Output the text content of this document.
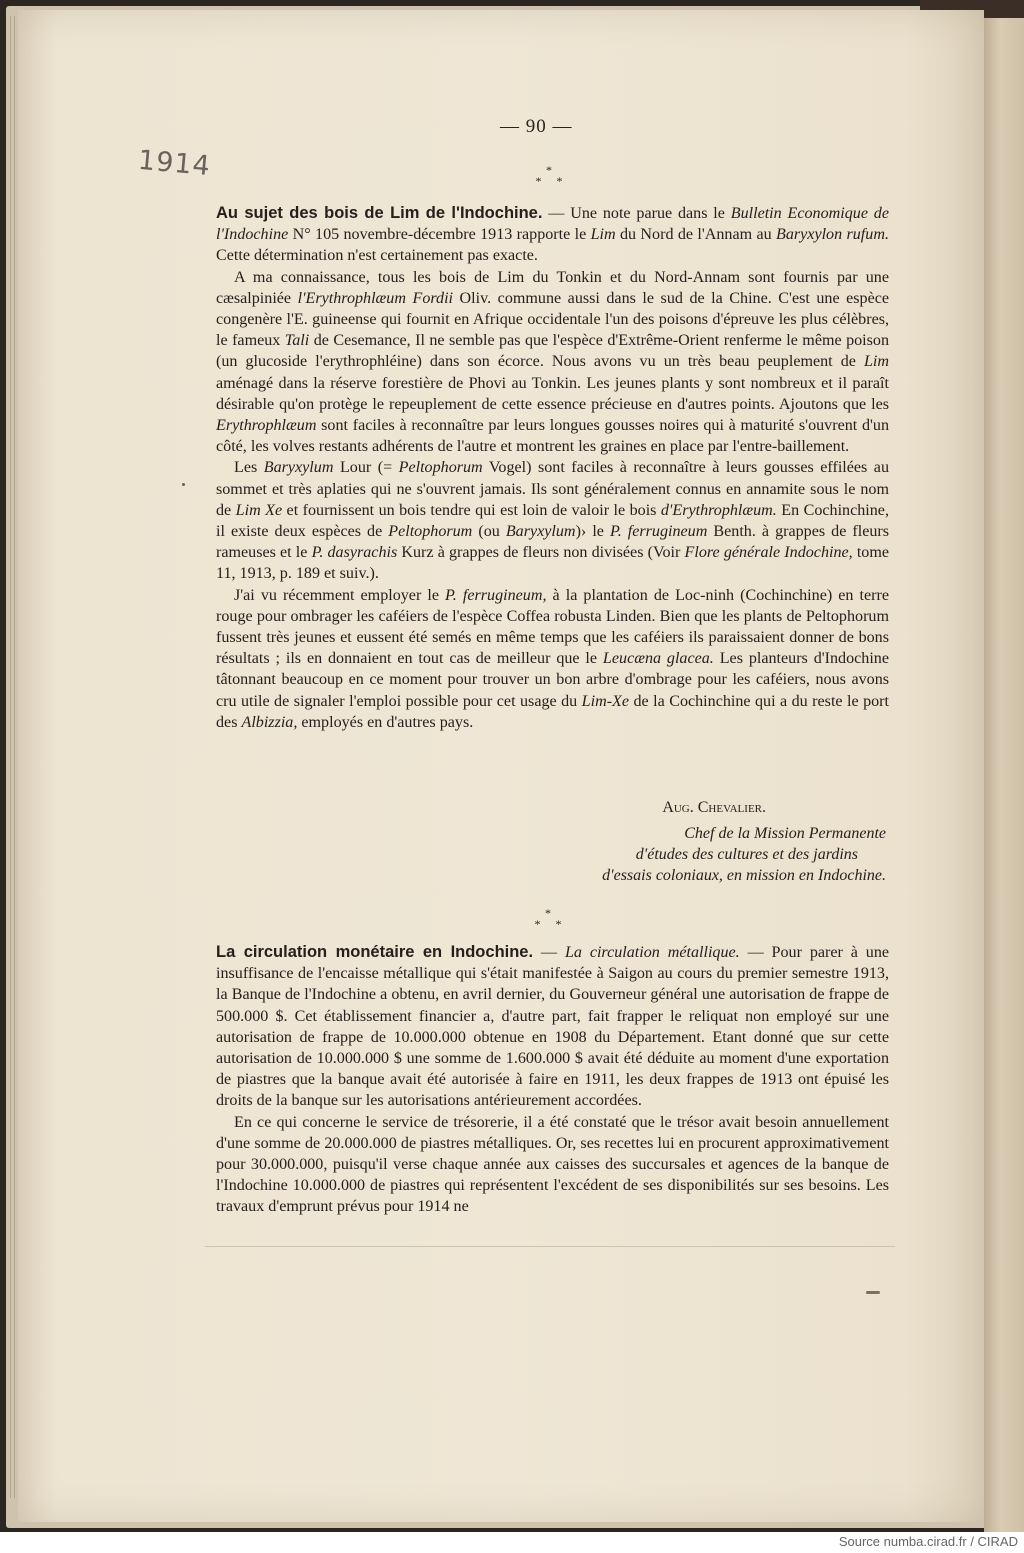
1914
— 90 —
*
* *

Au sujet des bois de Lim de l'Indochine. — Une note parue dans le Bulletin Economique de l'Indochine N° 105 novembre-décembre 1913 rapporte le Lim du Nord de l'Annam au Baryxylon rufum. Cette détermination n'est certainement pas exacte.

A ma connaissance, tous les bois de Lim du Tonkin et du Nord-Annam sont fournis par une cæsalpiniée l'Erythrophlæum Fordii Oliv. commune aussi dans le sud de la Chine. C'est une espèce congenère l'E. guineense qui fournit en Afrique occidentale l'un des poisons d'épreuve les plus célèbres, le fameux Tali de Cesemance, Il ne semble pas que l'espèce d'Extrême-Orient renferme le même poison (un glucoside l'erythrophléine) dans son écorce. Nous avons vu un très beau peuplement de Lim aménagé dans la réserve forestière de Phovi au Tonkin. Les jeunes plants y sont nombreux et il paraît désirable qu'on protège le repeuplement de cette essence précieuse en d'autres points. Ajoutons que les Erythrophlæum sont faciles à reconnaître par leurs longues gousses noires qui à maturité s'ouvrent d'un côté, les volves restants adhérents de l'autre et montrent les graines en place par l'entre-baillement.

Les Baryxylum Lour (= Peltophorum Vogel) sont faciles à reconnaître à leurs gousses effilées au sommet et très aplaties qui ne s'ouvrent jamais. Ils sont généralement connus en annamite sous le nom de Lim Xe et fournissent un bois tendre qui est loin de valoir le bois d'Erythrophlæum. En Cochinchine, il existe deux espèces de Peltophorum (ou Baryxylum)› le P. ferrugineum Benth. à grappes de fleurs rameuses et le P. dasyrachis Kurz à grappes de fleurs non divisées (Voir Flore générale Indochine, tome 11, 1913, p. 189 et suiv.).

J'ai vu récemment employer le P. ferrugineum, à la plantation de Loc-ninh (Cochinchine) en terre rouge pour ombrager les caféiers de l'espèce Coffea robusta Linden. Bien que les plants de Peltophorum fussent très jeunes et eussent été semés en même temps que les caféiers ils paraissaient donner de bons résultats ; ils en donnaient en tout cas de meilleur que le Leucæna glacea. Les planteurs d'Indochine tâtonnant beaucoup en ce moment pour trouver un bon arbre d'ombrage pour les caféiers, nous avons cru utile de signaler l'emploi possible pour cet usage du Lim-Xe de la Cochinchine qui a du reste le port des Albizzia, employés en d'autres pays.

Aug. Chevalier.
Chef de la Mission Permanente
d'études des cultures et des jardins
d'essais coloniaux, en mission en Indochine.
*
* *

La circulation monétaire en Indochine. — La circulation métallique. — Pour parer à une insuffisance de l'encaisse métallique qui s'était manifestée à Saigon au cours du premier semestre 1913, la Banque de l'Indochine a obtenu, en avril dernier, du Gouverneur général une autorisation de frappe de 500.000 $. Cet établissement financier a, d'autre part, fait frapper le reliquat non employé sur une autorisation de frappe de 10.000.000 obtenue en 1908 du Département. Etant donné que sur cette autorisation de 10.000.000 $ une somme de 1.600.000 $ avait été déduite au moment d'une exportation de piastres que la banque avait été autorisée à faire en 1911, les deux frappes de 1913 ont épuisé les droits de la banque sur les autorisations antérieurement accordées.

En ce qui concerne le service de trésorerie, il a été constaté que le trésor avait besoin annuellement d'une somme de 20.000.000 de piastres métalliques. Or, ses recettes lui en procurent approximativement pour 30.000.000, puisqu'il verse chaque année aux caisses des succursales et agences de la banque de l'Indochine 10.000.000 de piastres qui représentent l'excédent de ses disponibilités sur ses besoins. Les travaux d'emprunt prévus pour 1914 ne

Source numba.cirad.fr / CIRAD
